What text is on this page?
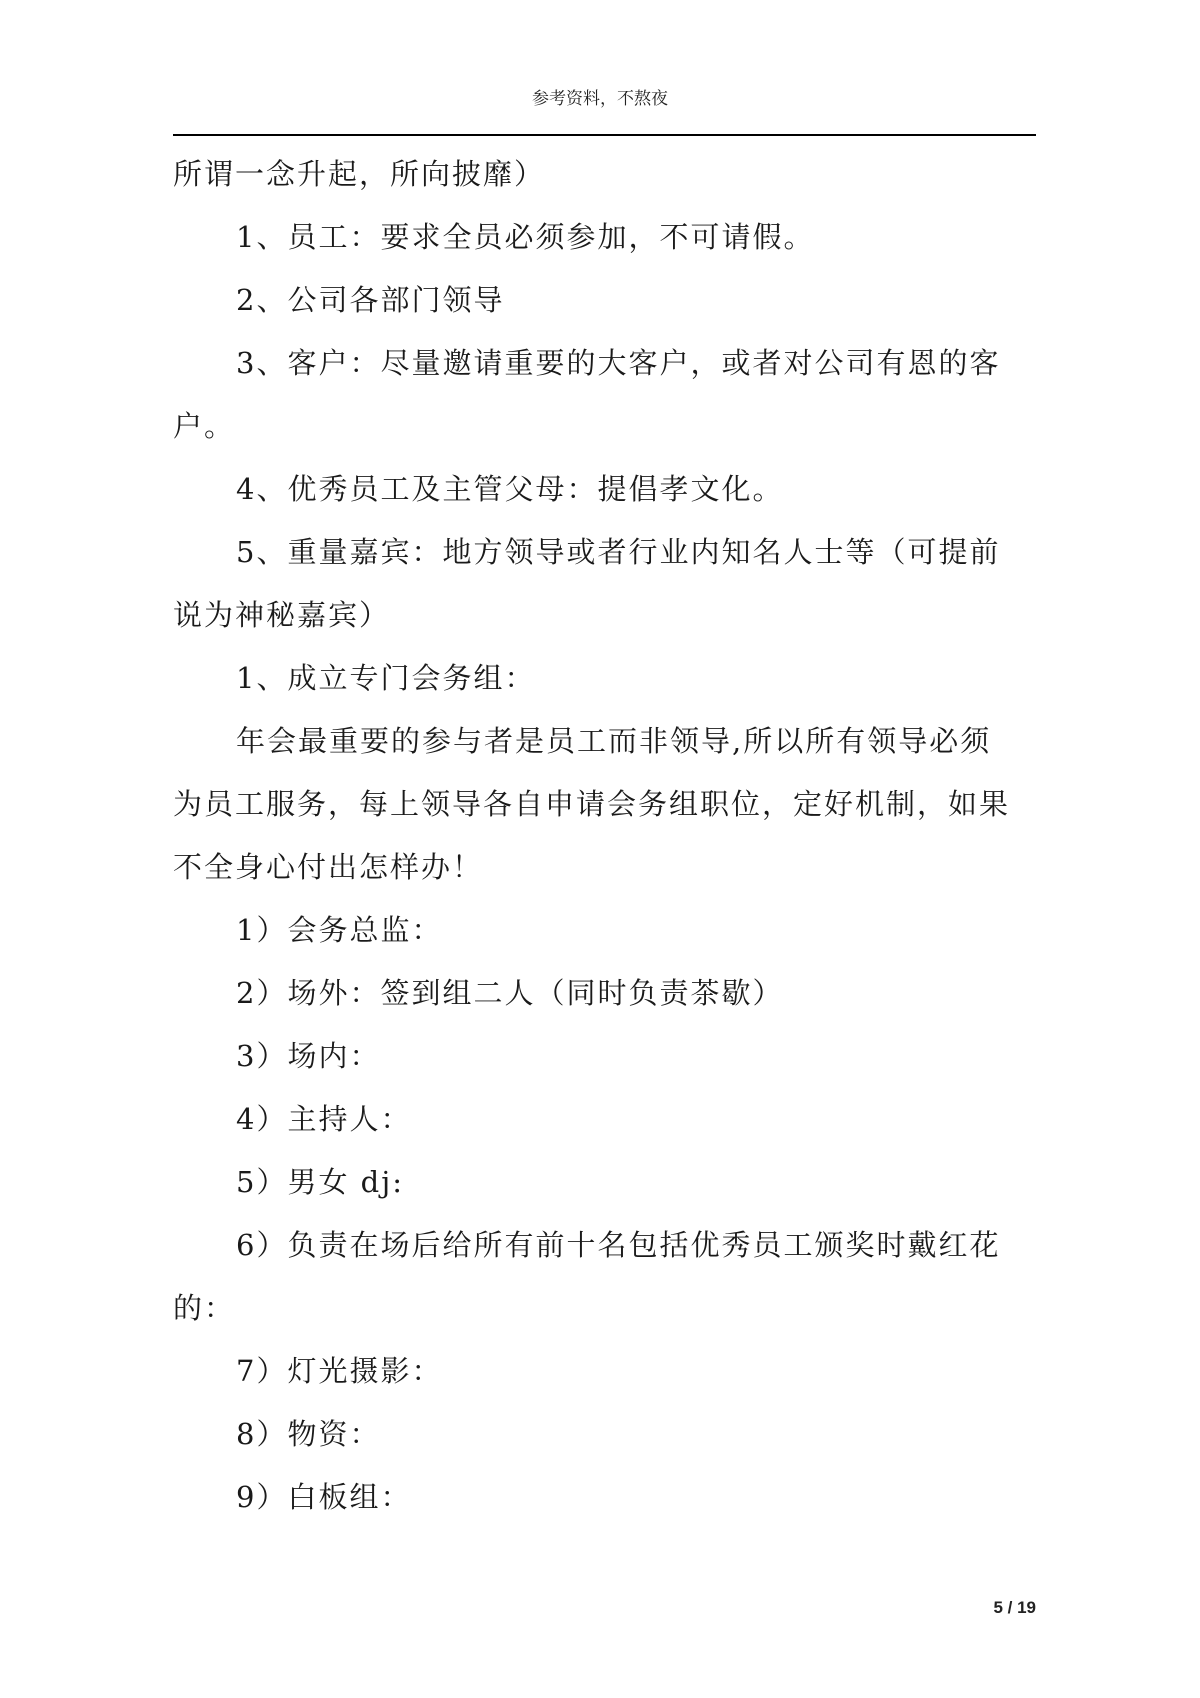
参考资料，不熬夜
所谓一念升起，所向披靡）
1、员工：要求全员必须参加，不可请假。
2、公司各部门领导
3、客户：尽量邀请重要的大客户，或者对公司有恩的客
户。
4、优秀员工及主管父母：提倡孝文化。
5、重量嘉宾：地方领导或者行业内知名人士等（可提前
说为神秘嘉宾）
1、成立专门会务组：
年会最重要的参与者是员工而非领导,所以所有领导必须
为员工服务，每上领导各自申请会务组职位，定好机制，如果
不全身心付出怎样办！
1）会务总监：
2）场外：签到组二人（同时负责茶歇）
3）场内：
4）主持人：
5）男女 dj:
6）负责在场后给所有前十名包括优秀员工颁奖时戴红花
的：
7）灯光摄影：
8）物资：
9）白板组：
5 / 19
